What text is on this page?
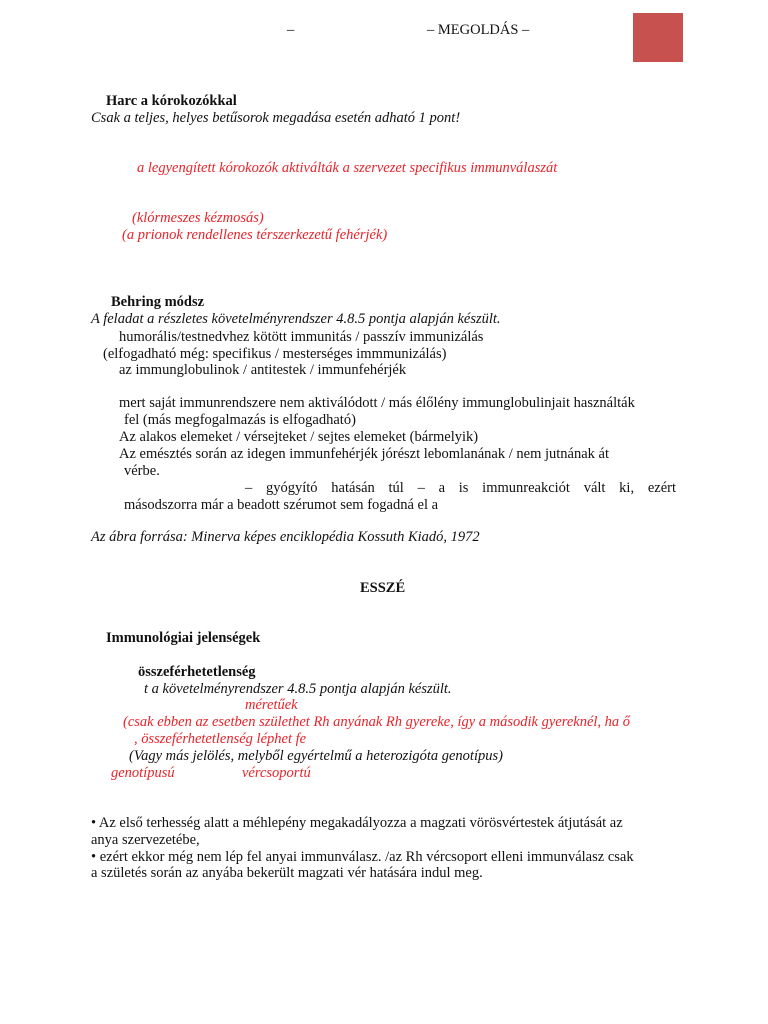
–	– MEGOLDÁS –
Harc a kórokozókkal
Csak a teljes, helyes betűsorok megadása esetén adható 1 pont!
a legyengített kórokozók aktiválták a szervezet specifikus immunválaszát
(klórmeszes kézmosás)
(a prionok rendellenes térszerkezetű fehérjék)
Behring módsz
A feladat a részletes követelményrendszer 4.8.5 pontja alapján készült.
humorális/testnedvhez kötött immunitás / passzív immunizálás
(elfogadható még: specifikus / mesterséges immmunizálás)
az immunglobulinok / antitestek / immunfehérjék
mert saját immunrendszere nem aktiválódott / más élőlény immunglobulinjait használták
fel (más megfogalmazás is elfogadható)
Az alakos elemeket / vérsejteket / sejtes elemeket (bármelyik)
Az emésztés során az idegen immunfehérjék jórészt lebomlanának / nem jutnának át
vérbe.
– gyógyító hatásán túl – a is immunreakciót vált ki, ezért
másodszorra már a beadott szérumot sem fogadná el a
Az ábra forrása: Minerva képes enciklopédia Kossuth Kiadó, 1972
ESSZÉ
Immunológiai jelenségek
összeférhetetlenség
t a követelményrendszer 4.8.5 pontja alapján készült.
méretűek
(csak ebben az esetben születhet Rh anyának Rh gyereke, így a második gyereknél, ha ő
, összeférhetetlenség léphet fe
(Vagy más jelölés, melyből egyértelmű a heterozigóta genotípus)
genotípusú	vércsoportú
• Az első terhesség alatt a méhlepény megakadályozza a magzati vörösvértestek átjutását az
anya szervezetébe,
• ezért ekkor még nem lép fel anyai immunválasz. /az Rh vércsoport elleni immunválasz csak
a születés során az anyába bekerült magzati vér hatására indul meg.
